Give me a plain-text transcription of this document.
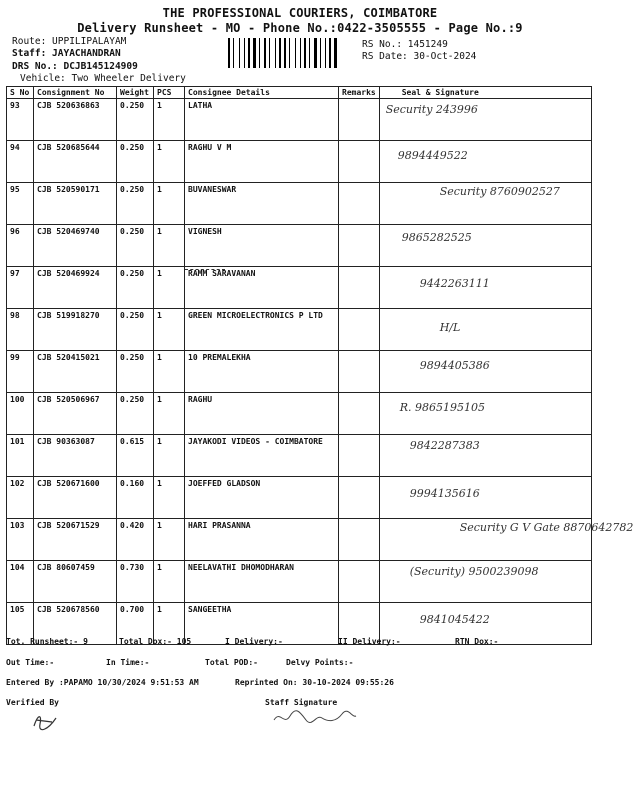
THE PROFESSIONAL COURIERS, COIMBATORE
Delivery Runsheet - MO - Phone No.:0422-3505555 - Page No.:9
Route: UPPILIPALAYAM
Staff: JAYACHANDRAN
DRS No.: DCJB145124909
Vehicle: Two Wheeler Delivery
RS No.: 1451249
RS Date: 30-Oct-2024
S No	Consignment No	Weight	PCS	Consignee Details	Remarks	Seal & Signature
93	CJB 520636863	0.250	1	LATHA		Security 243996

94	CJB 520685644	0.250	1	RAGHU V M		9894449522

95	CJB 520590171	0.250	1	BUVANESWAR		Security 8760902527

96	CJB 520469740	0.250	1	VIGNESH		9865282525

97	CJB 520469924	0.250	1	RAMM SARAVANAN		9442263111

98	CJB 519918270	0.250	1	GREEN MICROELECTRONICS P LTD		H/L

99	CJB 520415021	0.250	1	10 PREMALEKHA		9894405386

100	CJB 520506967	0.250	1	RAGHU		R. 9865195105

101	CJB 90363087	0.615	1	JAYAKODI VIDEOS - COIMBATORE		9842287383

102	CJB 520671600	0.160	1	JOEFFED GLADSON		9994135616

103	CJB 520671529	0.420	1	HARI PRASANNA		Security G V Gate 8870642782

104	CJB 80607459	0.730	1	NEELAVATHI DHOMODHARAN		(Security) 9500239098

105	CJB 520678560	0.700	1	SANGEETHA		9841045422
Tot. Runsheet:- 9	Total Dox:- 105	I Delivery:-	II Delivery:-	RTN Dox:-
Out Time:-	In Time:-	Total POD:-	Delvy Points:-
Entered By :PAPAMO 10/30/2024 9:51:53 AM	Reprinted On: 30-10-2024 09:55:26
Verified By	Staff Signature
